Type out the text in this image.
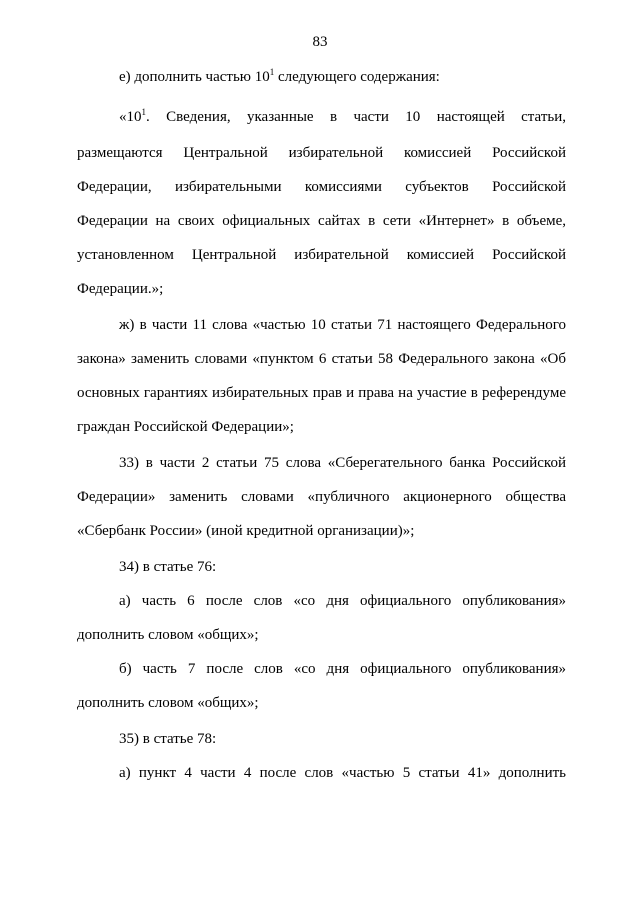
83
е) дополнить частью $10^1$ следующего содержания:
«$10^1$. Сведения, указанные в части 10 настоящей статьи,
размещаются Центральной избирательной комиссией Российской
Федерации, избирательными комиссиями субъектов Российской
Федерации на своих официальных сайтах в сети «Интернет» в объеме,
установленном Центральной избирательной комиссией Российской
Федерации.»;
ж) в части 11 слова «частью 10 статьи 71 настоящего Федерального
закона» заменить словами «пунктом 6 статьи 58 Федерального закона «Об
основных гарантиях избирательных прав и права на участие в референдуме
граждан Российской Федерации»;
33) в части 2 статьи 75 слова «Сберегательного банка Российской
Федерации» заменить словами «публичного акционерного общества
«Сбербанк России» (иной кредитной организации)»;
34) в статье 76:
а) часть 6 после слов «со дня официального опубликования»
дополнить словом «общих»;
б) часть 7 после слов «со дня официального опубликования»
дополнить словом «общих»;
35) в статье 78:
а) пункт 4 части 4 после слов «частью 5 статьи 41» дополнить
